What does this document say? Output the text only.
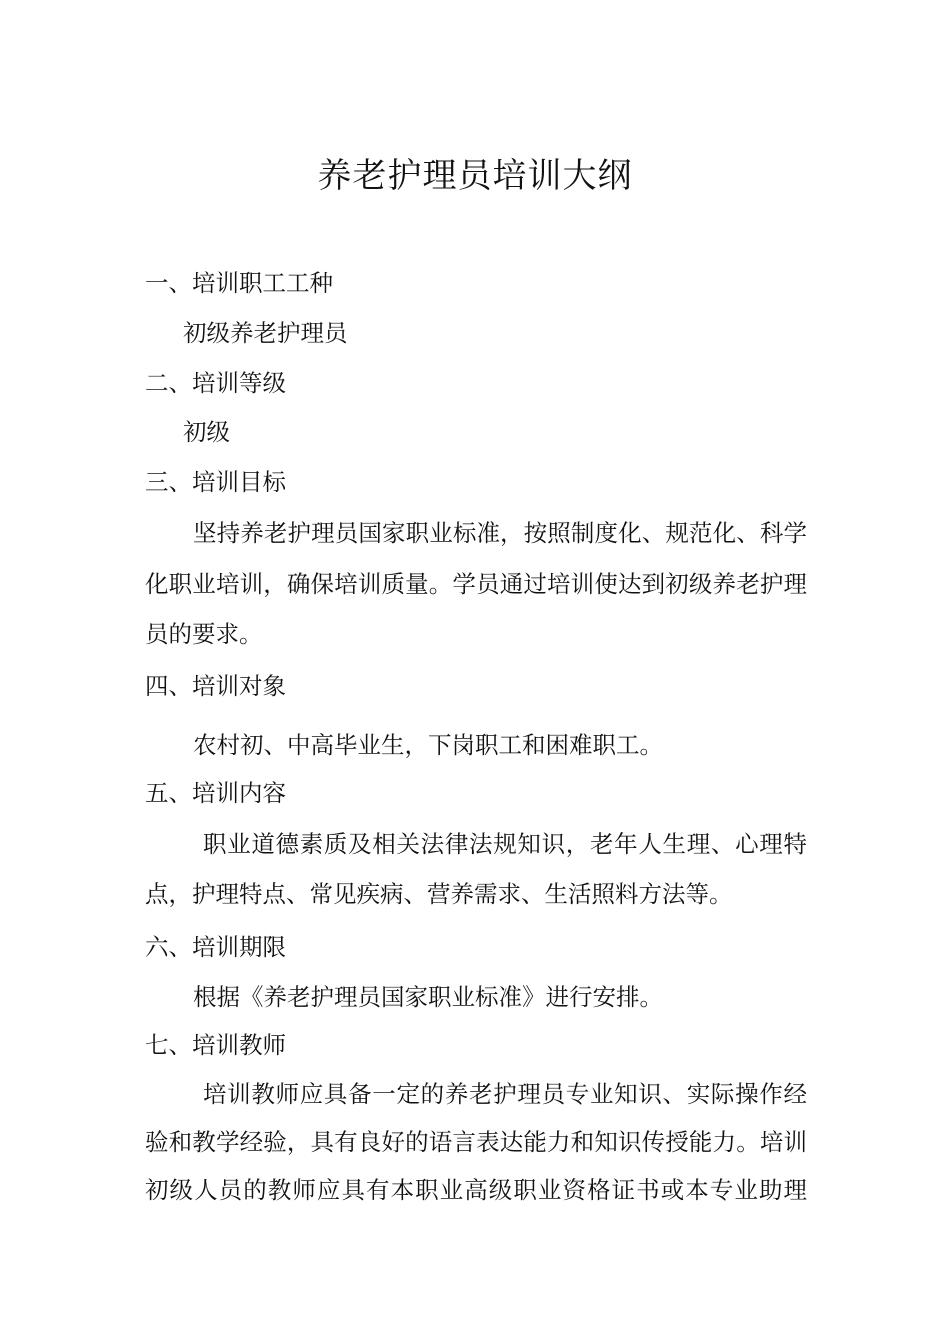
养老护理员培训大纲

一、培训职工工种

初级养老护理员

二、培训等级

初级

三、培训目标

坚持养老护理员国家职业标准，按照制度化、规范化、科学

化职业培训，确保培训质量。学员通过培训使达到初级养老护理

员的要求。

四、培训对象

农村初、中高毕业生，下岗职工和困难职工。

五、培训内容

职业道德素质及相关法律法规知识，老年人生理、心理特

点，护理特点、常见疾病、营养需求、生活照料方法等。

六、培训期限

根据《养老护理员国家职业标准》进行安排。

七、培训教师

培训教师应具备一定的养老护理员专业知识、实际操作经

验和教学经验，具有良好的语言表达能力和知识传授能力。培训

初级人员的教师应具有本职业高级职业资格证书或本专业助理
